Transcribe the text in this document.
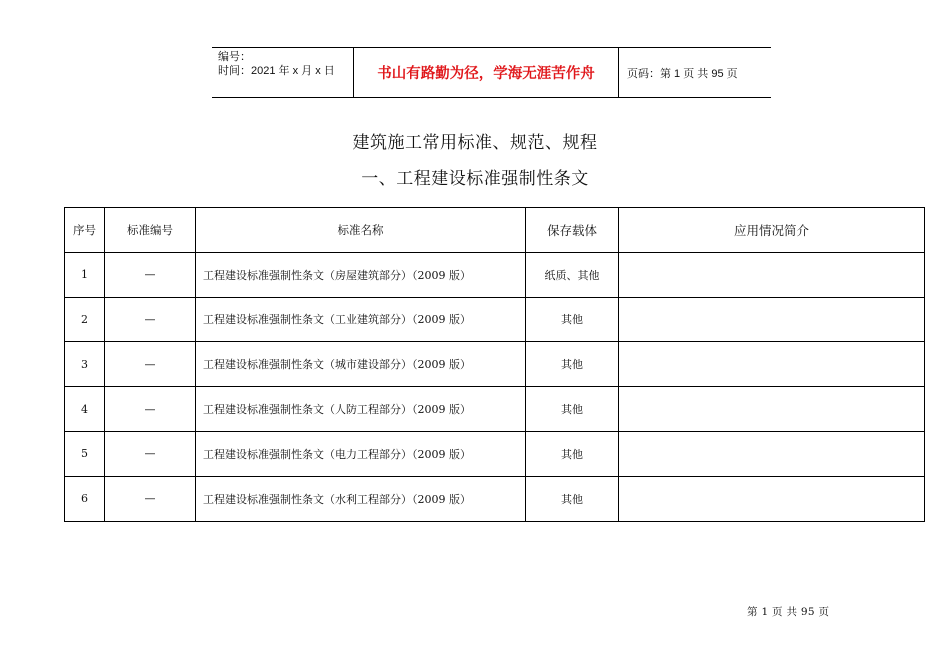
编号：
时间：2021 年 x 月 x 日	书山有路勤为径，学海无涯苦作舟	页码：第 1 页 共 95 页
建筑施工常用标准、规范、规程
一、工程建设标准强制性条文
序号	标准编号	标准名称	保存载体	应用情况简介
1	—	工程建设标准强制性条文（房屋建筑部分）（2009 版）	纸质、其他	
2	—	工程建设标准强制性条文（工业建筑部分）（2009 版）	其他	
3	—	工程建设标准强制性条文（城市建设部分）（2009 版）	其他	
4	—	工程建设标准强制性条文（人防工程部分）（2009 版）	其他	
5	—	工程建设标准强制性条文（电力工程部分）（2009 版）	其他	
6	—	工程建设标准强制性条文（水利工程部分）（2009 版）	其他	
第 1 页 共 95 页
